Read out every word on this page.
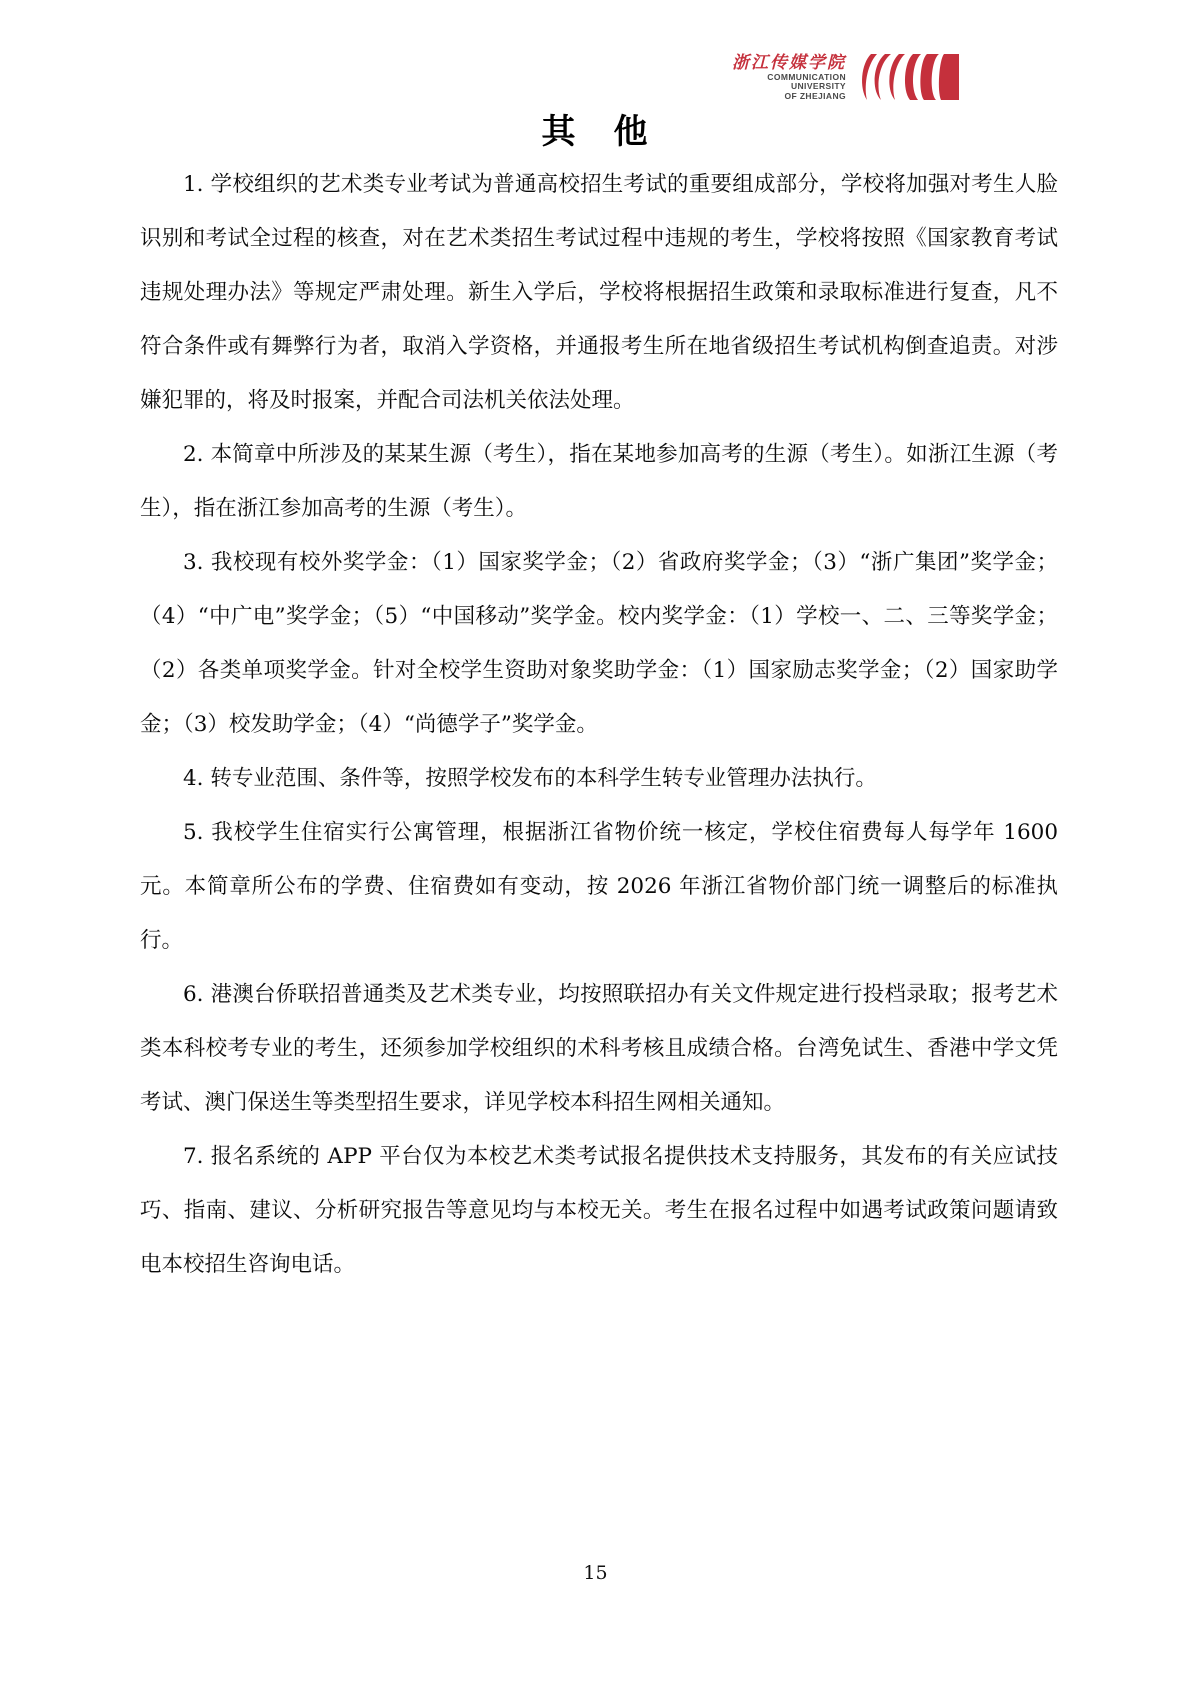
浙江传媒学院
COMMUNICATION
UNIVERSITY
OF ZHEJIANG
其　他

1. 学校组织的艺术类专业考试为普通高校招生考试的重要组成部分，学校将加强对考生人脸识别和考试全过程的核查，对在艺术类招生考试过程中违规的考生，学校将按照《国家教育考试违规处理办法》等规定严肃处理。新生入学后，学校将根据招生政策和录取标准进行复查，凡不符合条件或有舞弊行为者，取消入学资格，并通报考生所在地省级招生考试机构倒查追责。对涉嫌犯罪的，将及时报案，并配合司法机关依法处理。

2. 本简章中所涉及的某某生源（考生），指在某地参加高考的生源（考生）。如浙江生源（考生），指在浙江参加高考的生源（考生）。

3. 我校现有校外奖学金：（1）国家奖学金；（2）省政府奖学金；（3）“浙广集团”奖学金；（4）“中广电”奖学金；（5）“中国移动”奖学金。校内奖学金：（1）学校一、二、三等奖学金；（2）各类单项奖学金。针对全校学生资助对象奖助学金：（1）国家励志奖学金；（2）国家助学金；（3）校发助学金；（4）“尚德学子”奖学金。

4. 转专业范围、条件等，按照学校发布的本科学生转专业管理办法执行。

5. 我校学生住宿实行公寓管理，根据浙江省物价统一核定，学校住宿费每人每学年 1600 元。本简章所公布的学费、住宿费如有变动，按 2026 年浙江省物价部门统一调整后的标准执行。

6. 港澳台侨联招普通类及艺术类专业，均按照联招办有关文件规定进行投档录取；报考艺术类本科校考专业的考生，还须参加学校组织的术科考核且成绩合格。台湾免试生、香港中学文凭考试、澳门保送生等类型招生要求，详见学校本科招生网相关通知。

7. 报名系统的 APP 平台仅为本校艺术类考试报名提供技术支持服务，其发布的有关应试技巧、指南、建议、分析研究报告等意见均与本校无关。考生在报名过程中如遇考试政策问题请致电本校招生咨询电话。

15
